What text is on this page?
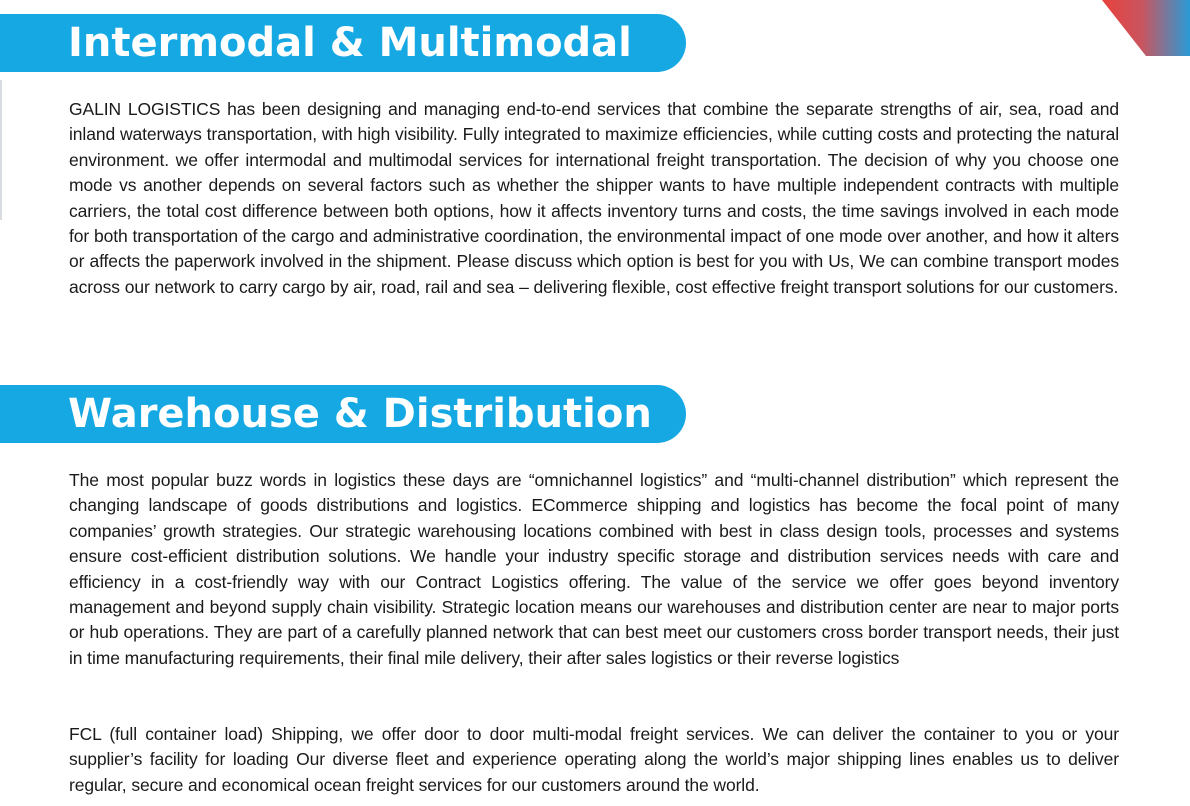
Intermodal & Multimodal

GALIN LOGISTICS has been designing and managing end-to-end services that combine the separate strengths of air, sea, road and inland waterways transportation, with high visibility. Fully integrated to maximize efficiencies, while cutting costs and protecting the natural environment. we offer intermodal and multimodal services for international freight transportation. The decision of why you choose one mode vs another depends on several factors such as whether the shipper wants to have multiple independent contracts with multiple carriers, the total cost difference between both options, how it affects inventory turns and costs, the time savings involved in each mode for both transportation of the cargo and administrative coordination, the environmental impact of one mode over another, and how it alters or affects the paperwork involved in the shipment. Please discuss which option is best for you with Us, We can combine transport modes across our network to carry cargo by air, road, rail and sea – delivering flexible, cost effective freight transport solutions for our customers.

Warehouse & Distribution

The most popular buzz words in logistics these days are “omnichannel logistics” and “multi-channel distribution” which represent the changing landscape of goods distributions and logistics. ECommerce shipping and logistics has become the focal point of many companies’ growth strategies. Our strategic warehousing locations combined with best in class design tools, processes and systems ensure cost-efficient distribution solutions. We handle your industry specific storage and distribution services needs with care and efficiency in a cost-friendly way with our Contract Logistics offering. The value of the service we offer goes beyond inventory management and beyond supply chain visibility. Strategic location means our warehouses and distribution center are near to major ports or hub operations. They are part of a carefully planned network that can best meet our customers cross border transport needs, their just in time manufacturing requirements, their final mile delivery, their after sales logistics or their reverse logistics

FCL (full container load) Shipping, we offer door to door multi-modal freight services. We can deliver the container to you or your supplier’s facility for loading Our diverse fleet and experience operating along the world’s major shipping lines enables us to deliver regular, secure and economical ocean freight services for our customers around the world.
